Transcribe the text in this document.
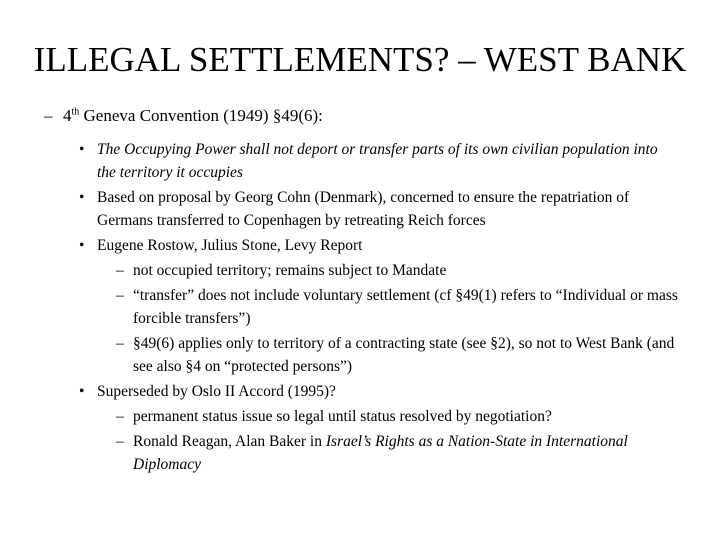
ILLEGAL SETTLEMENTS? – WEST BANK
– 4th Geneva Convention (1949) §49(6):
• The Occupying Power shall not deport or transfer parts of its own civilian population into the territory it occupies
• Based on proposal by Georg Cohn (Denmark), concerned to ensure the repatriation of Germans transferred to Copenhagen by retreating Reich forces
• Eugene Rostow, Julius Stone, Levy Report
– not occupied territory; remains subject to Mandate
– “transfer” does not include voluntary settlement (cf §49(1) refers to “Individual or mass forcible transfers”)
– §49(6) applies only to territory of a contracting state (see §2), so not to West Bank (and see also §4 on “protected persons”)
• Superseded by Oslo II Accord (1995)?
– permanent status issue so legal until status resolved by negotiation?
– Ronald Reagan, Alan Baker in Israel’s Rights as a Nation-State in International Diplomacy
